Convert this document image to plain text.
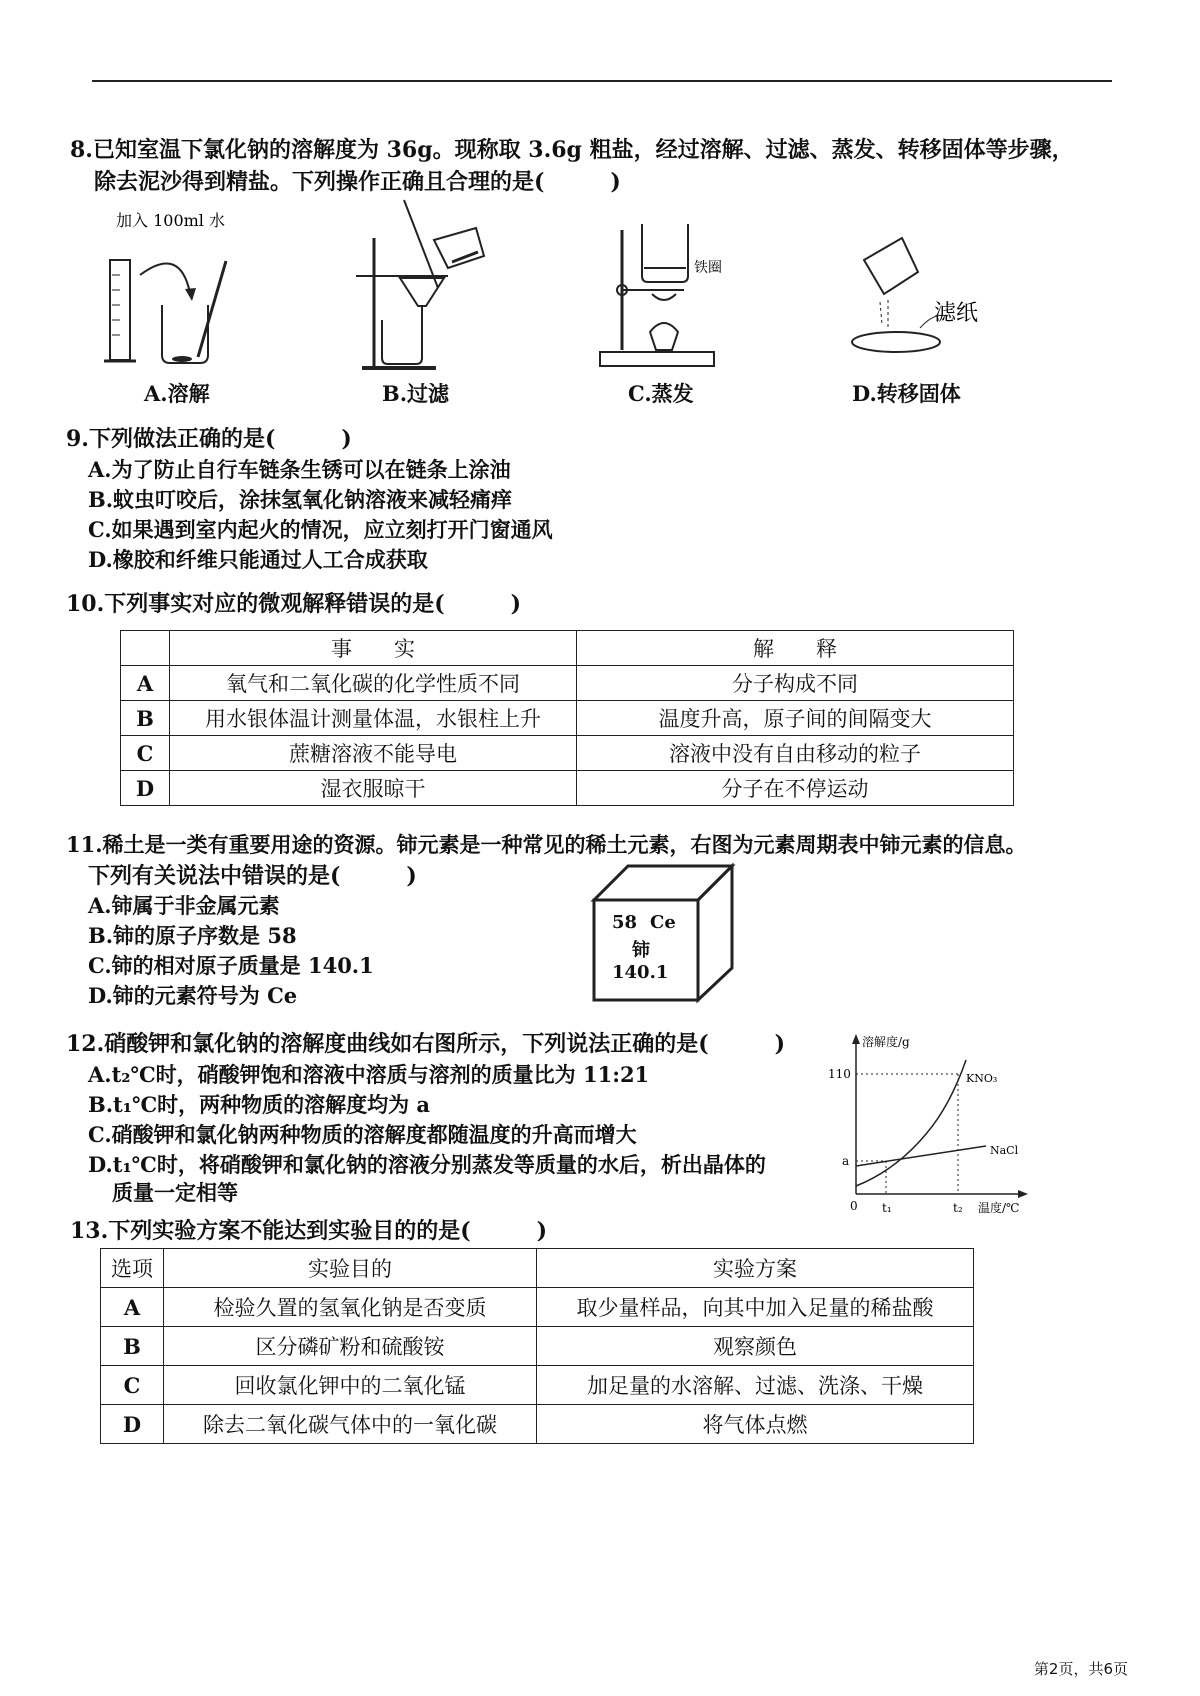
8.已知室温下氯化钠的溶解度为 36g。现称取 3.6g 粗盐，经过溶解、过滤、蒸发、转移固体等步骤，
除去泥沙得到精盐。下列操作正确且合理的是(　　　)
加入 100ml 水
A.溶解	B.过滤
铁圈
C.蒸发
滤纸
D.转移固体
9.下列做法正确的是(　　　)
A.为了防止自行车链条生锈可以在链条上涂油
B.蚊虫叮咬后，涂抹氢氧化钠溶液来减轻痛痒
C.如果遇到室内起火的情况，应立刻打开门窗通风
D.橡胶和纤维只能通过人工合成获取
10.下列事实对应的微观解释错误的是(　　　)
	事　　实	解　　释
A	氧气和二氧化碳的化学性质不同	分子构成不同
B	用水银体温计测量体温，水银柱上升	温度升高，原子间的间隔变大
C	蔗糖溶液不能导电	溶液中没有自由移动的粒子
D	湿衣服晾干	分子在不停运动
11.稀土是一类有重要用途的资源。铈元素是一种常见的稀土元素，右图为元素周期表中铈元素的信息。
下列有关说法中错误的是(　　　)
A.铈属于非金属元素
B.铈的原子序数是 58
C.铈的相对原子质量是 140.1
D.铈的元素符号为 Ce
58 Ce
铈
140.1
12.硝酸钾和氯化钠的溶解度曲线如右图所示，下列说法正确的是(　　　)
A.t₂℃时，硝酸钾饱和溶液中溶质与溶剂的质量比为 11:21
B.t₁℃时，两种物质的溶解度均为 a
C.硝酸钾和氯化钠两种物质的溶解度都随温度的升高而增大
D.t₁℃时，将硝酸钾和氯化钠的溶液分别蒸发等质量的水后，析出晶体的
质量一定相等
溶解度/g
温度/℃
110
a
0 t₁	t₂
KNO₃
NaCl
13.下列实验方案不能达到实验目的的是(　　　)
选项	实验目的	实验方案
A	检验久置的氢氧化钠是否变质	取少量样品，向其中加入足量的稀盐酸
B	区分磷矿粉和硫酸铵	观察颜色
C	回收氯化钾中的二氧化锰	加足量的水溶解、过滤、洗涤、干燥
D	除去二氧化碳气体中的一氧化碳	将气体点燃
第2页，共6页
